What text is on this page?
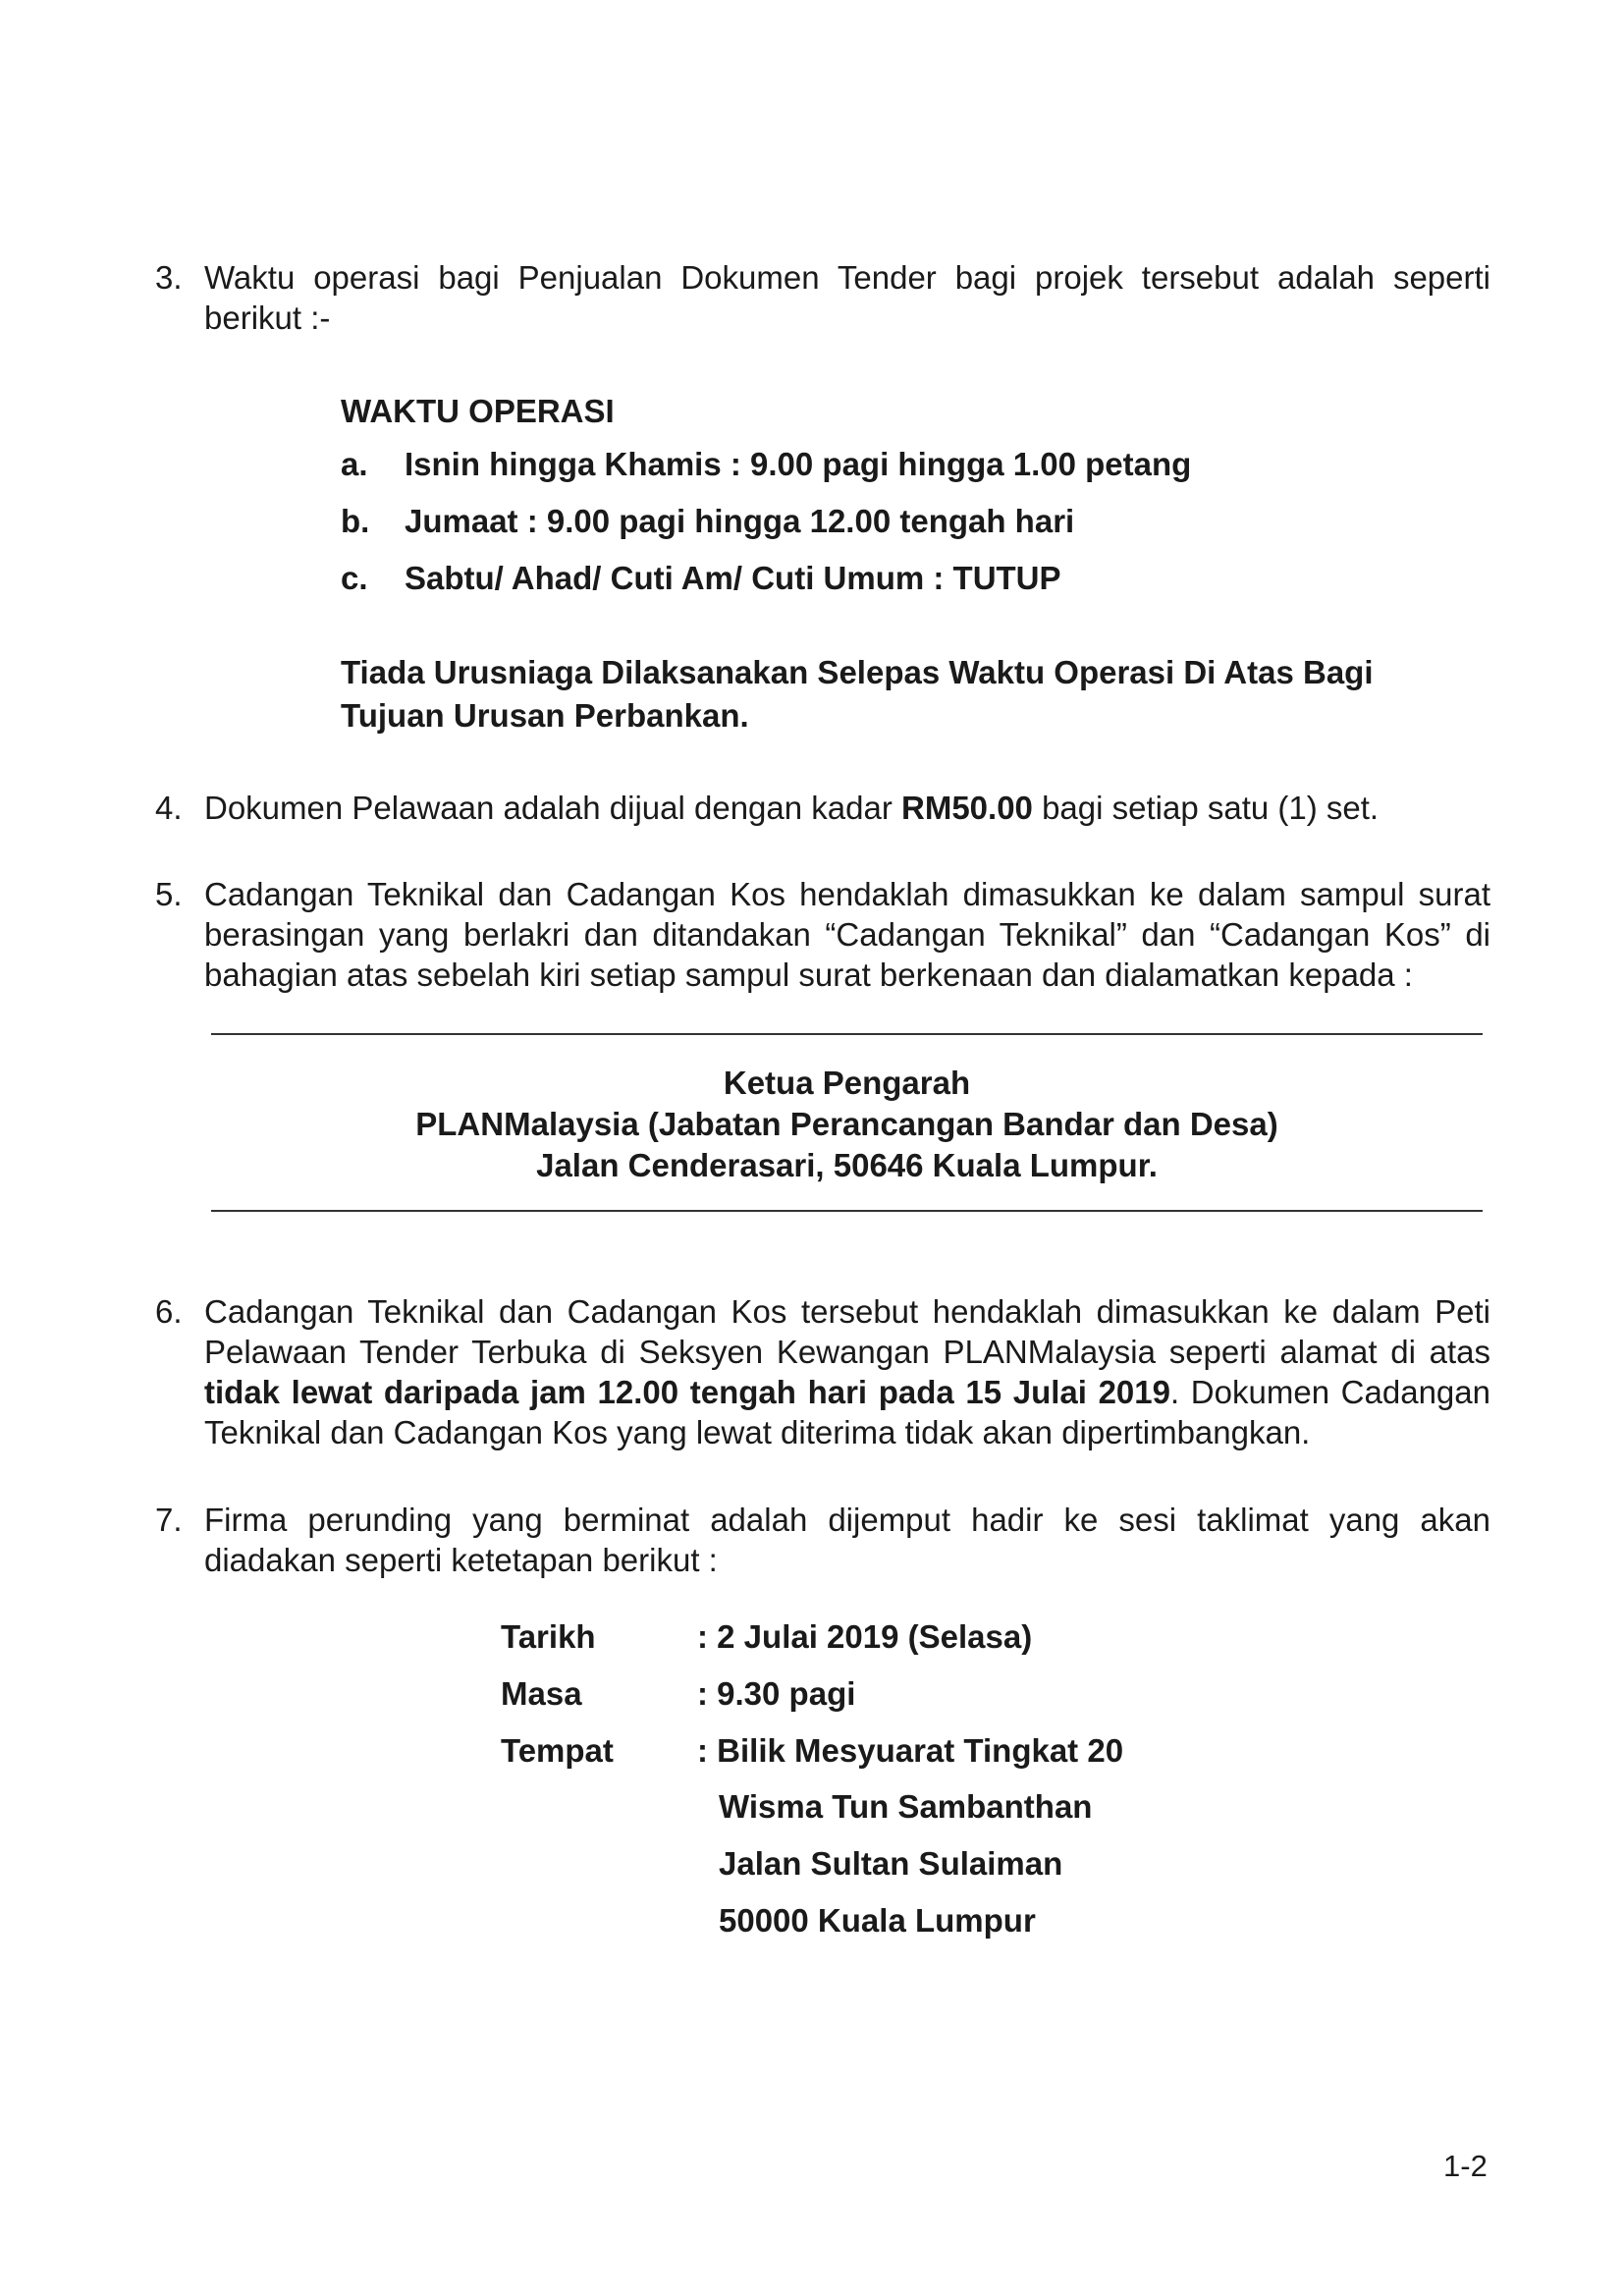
3. Waktu operasi bagi Penjualan Dokumen Tender bagi projek tersebut adalah seperti berikut :-
WAKTU OPERASI
a. Isnin hingga Khamis : 9.00 pagi hingga 1.00 petang
b. Jumaat : 9.00 pagi hingga 12.00 tengah hari
c. Sabtu/ Ahad/ Cuti Am/ Cuti Umum : TUTUP
Tiada Urusniaga Dilaksanakan Selepas Waktu Operasi Di Atas Bagi Tujuan Urusan Perbankan.
4. Dokumen Pelawaan adalah dijual dengan kadar RM50.00 bagi setiap satu (1) set.
5. Cadangan Teknikal dan Cadangan Kos hendaklah dimasukkan ke dalam sampul surat berasingan yang berlakri dan ditandakan “Cadangan Teknikal” dan “Cadangan Kos” di bahagian atas sebelah kiri setiap sampul surat berkenaan dan dialamatkan kepada :
Ketua Pengarah
PLANMalaysia (Jabatan Perancangan Bandar dan Desa)
Jalan Cenderasari, 50646 Kuala Lumpur.
6. Cadangan Teknikal dan Cadangan Kos tersebut hendaklah dimasukkan ke dalam Peti Pelawaan Tender Terbuka di Seksyen Kewangan PLANMalaysia seperti alamat di atas tidak lewat daripada jam 12.00 tengah hari pada 15 Julai 2019. Dokumen Cadangan Teknikal dan Cadangan Kos yang lewat diterima tidak akan dipertimbangkan.
7. Firma perunding yang berminat adalah dijemput hadir ke sesi taklimat yang akan diadakan seperti ketetapan berikut :
Tarikh	: 2 Julai 2019 (Selasa)
Masa	: 9.30 pagi
Tempat	: Bilik Mesyuarat Tingkat 20
Wisma Tun Sambanthan
Jalan Sultan Sulaiman
50000 Kuala Lumpur
1-2
